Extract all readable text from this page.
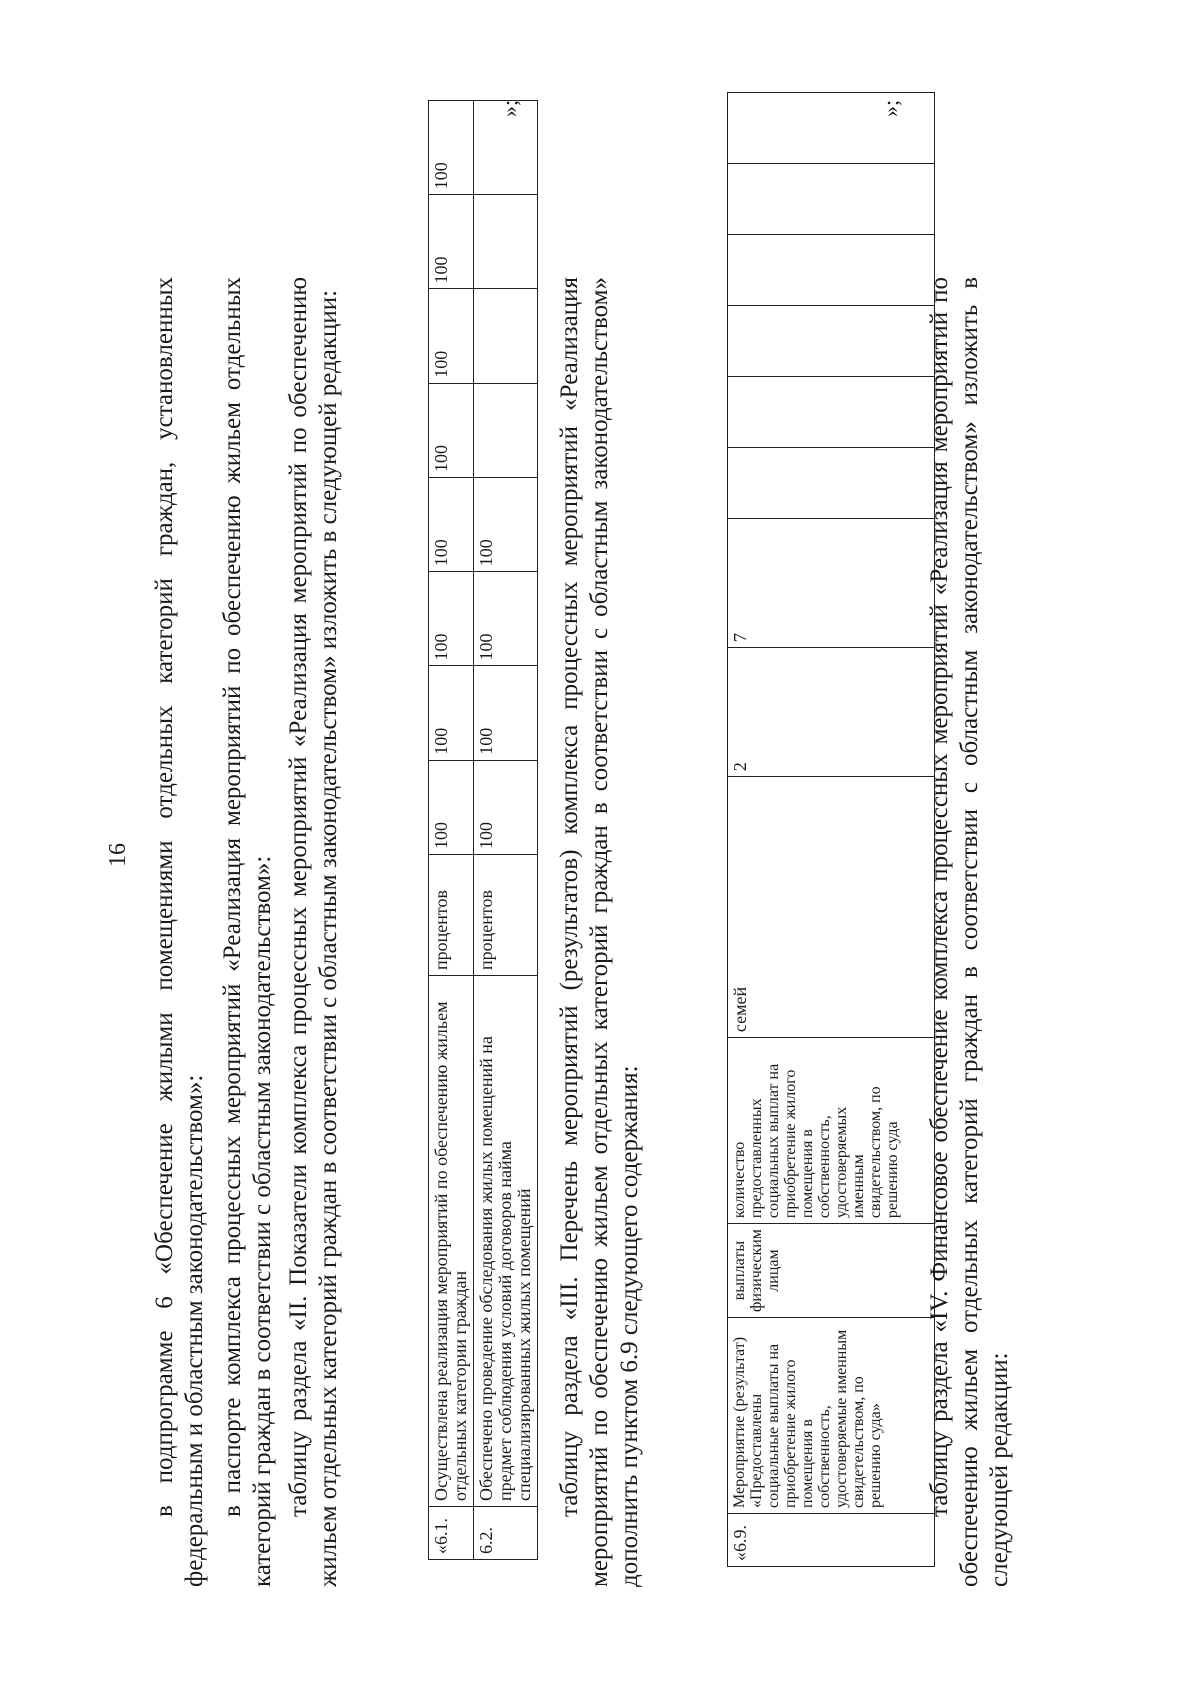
16 в подпрограмме 6 «Обеспечение жилыми помещениями отдельных категорий граждан, установленных федеральным и областным законодательством»: в паспорте комплекса процессных мероприятий «Реализация мероприятий по обеспечению жильем отдельных категорий граждан в соответствии с областным законодательством»: таблицу раздела «II. Показатели комплекса процессных мероприятий «Реализация мероприятий по обеспечению жильем отдельных категорий граждан в соответствии с областным законодательством» изложить в следующей редакции:	«6.1.	Осуществлена реализация мероприятий по обеспечению жильем отдельных категории граждан	процентов	100	100	100	100	100	100	100	100
6.2.	Обеспечено проведение обследования жилых помещений на предмет соблюдения условий договоров найма специализированных жилых помещений	процентов	100	100	100	100				
»;
таблицу раздела «III. Перечень мероприятий (результатов) комплекса процессных мероприятий «Реализация мероприятий по обеспечению жильем отдельных категорий граждан в соответствии с областным законодательством» дополнить пунктом 6.9 следующего содержания:	«6.9.	Мероприятие (результат) «Предоставлены социальные выплаты на приобретение жилого помещения в собственность, удостоверяемые именным свидетельством, по решению суда»	выплаты физическим лицам	количество предоставленных социальных выплат на приобретение жилого помещения в собственность, удостоверяемых именным свидетельством, по решению суда	семей	2	7						
»;
таблицу раздела «IV. Финансовое обеспечение комплекса процессных мероприятий «Реализация мероприятий по обеспечению жильем отдельных категорий граждан в соответствии с областным законодательством» изложить в следующей редакции:
